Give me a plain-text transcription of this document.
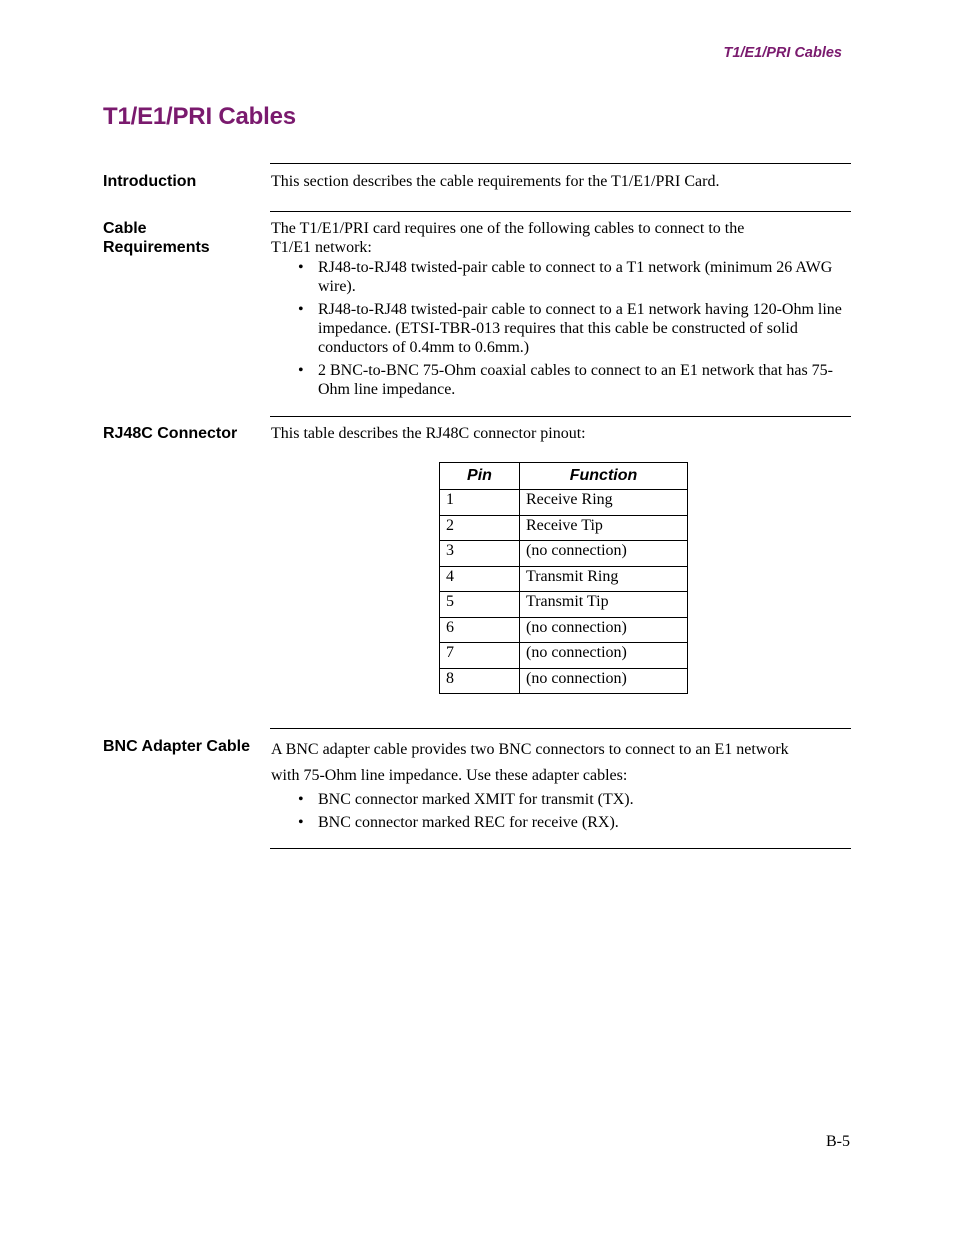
T1/E1/PRI Cables
T1/E1/PRI Cables
Introduction	This section describes the cable requirements for the T1/E1/PRI Card.
Cable
Requirements
The T1/E1/PRI card requires one of the following cables to connect to the
T1/E1 network:
• RJ48-to-RJ48 twisted-pair cable to connect to a T1 network (minimum 26 AWG wire).
• RJ48-to-RJ48 twisted-pair cable to connect to a E1 network having 120-Ohm line impedance. (ETSI-TBR-013 requires that this cable be constructed of solid conductors of 0.4mm to 0.6mm.)
• 2 BNC-to-BNC 75-Ohm coaxial cables to connect to an E1 network that has 75-Ohm line impedance.
RJ48C Connector This table describes the RJ48C connector pinout:
Pin	Function
1	Receive Ring
2	Receive Tip
3	(no connection)
4	Transmit Ring
5	Transmit Tip
6	(no connection)
7	(no connection)
8	(no connection)
BNC Adapter Cable A BNC adapter cable provides two BNC connectors to connect to an E1 network
with 75-Ohm line impedance. Use these adapter cables:
• BNC connector marked XMIT for transmit (TX).
• BNC connector marked REC for receive (RX).
B-5
